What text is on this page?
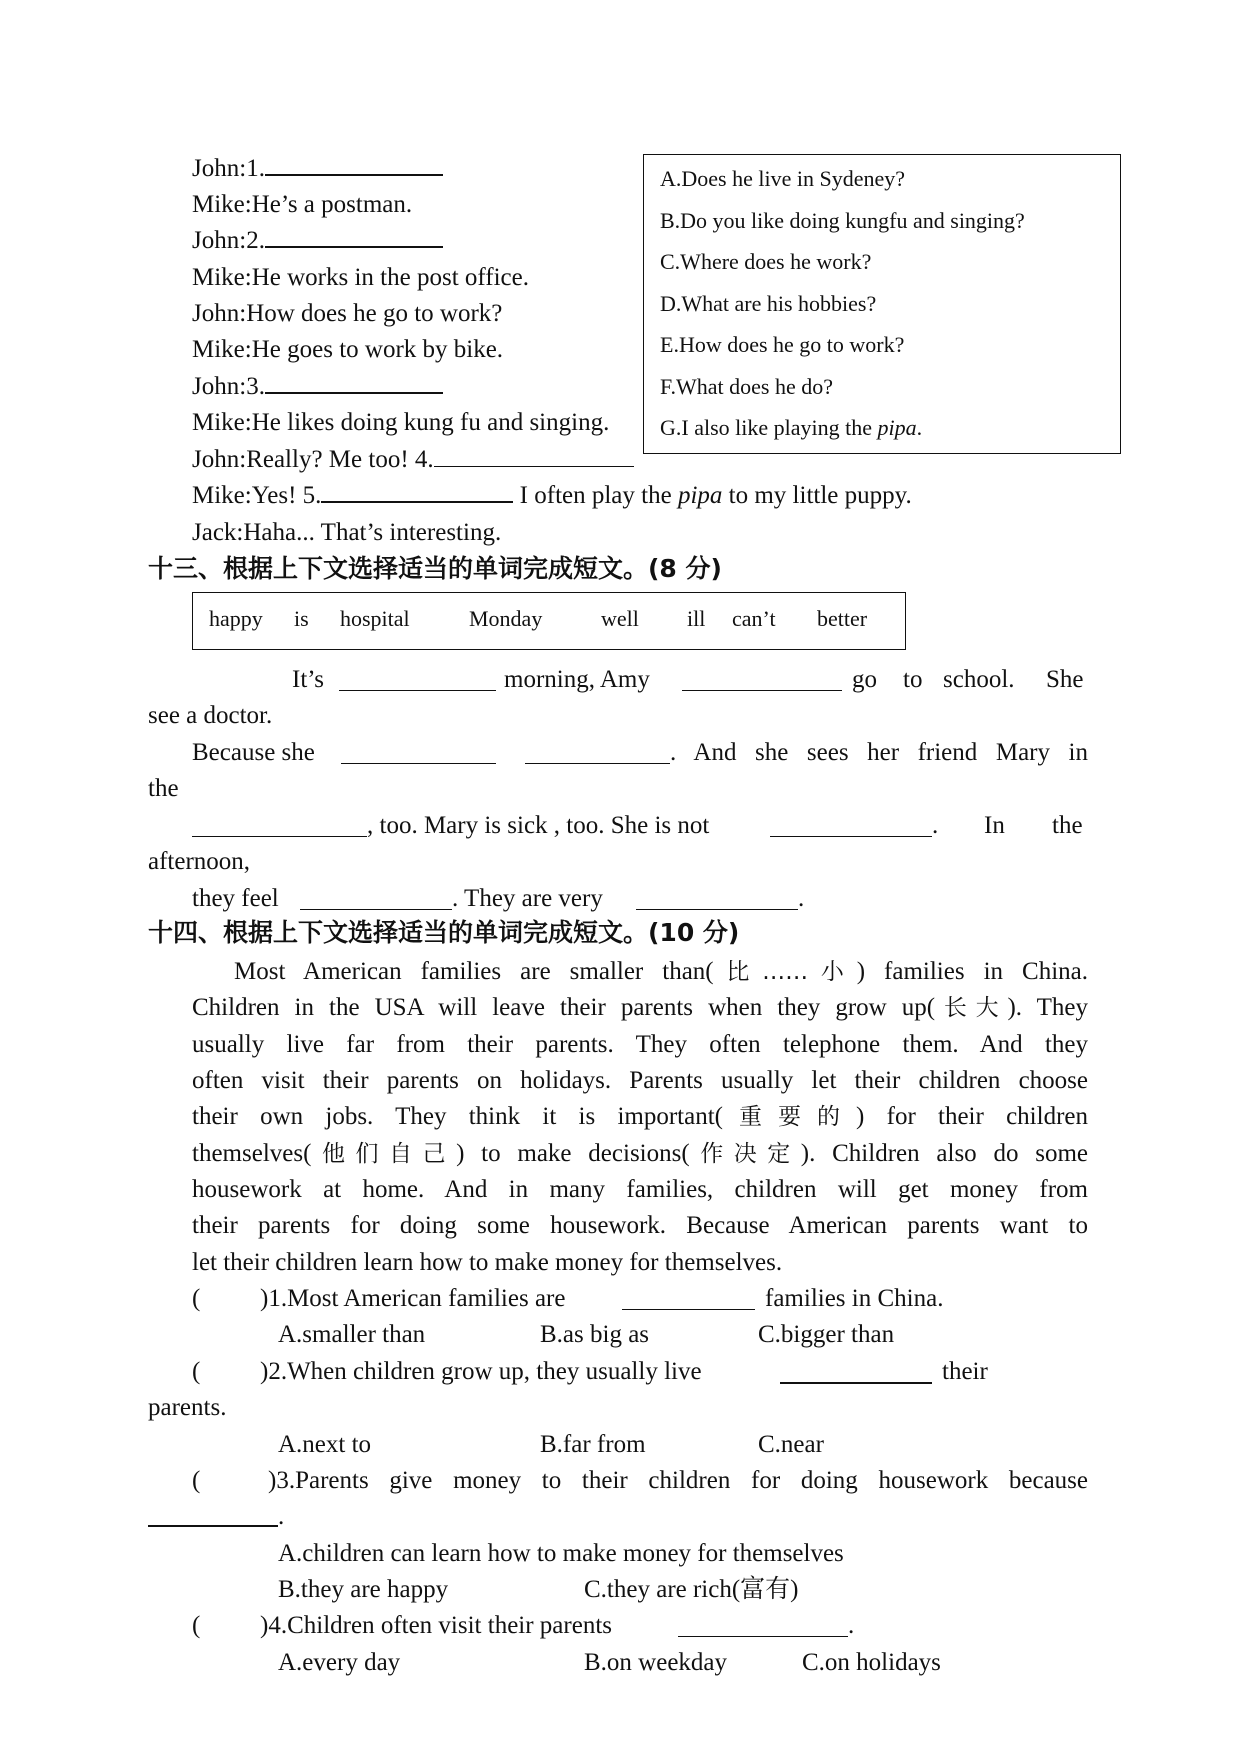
John:1.
Mike:He’s a postman.
John:2.
Mike:He works in the post office.
John:How does he go to work?
Mike:He goes to work by bike.
John:3.
Mike:He likes doing kung fu and singing.
John:Really? Me too! 4.
Mike:Yes! 5.	I often play the pipa to my little puppy.
Jack:Haha... That’s interesting.
A.Does he live in Sydeney?
B.Do you like doing kungfu and singing?
C.Where does he work?
D.What are his hobbies?
E.How does he go to work?
F.What does he do?
G.I also like playing the pipa.
十三、根据上下文选择适当的单词完成短文。(8 分)
happy is hospital	Monday	well ill can’t better
It’s	morning, Amy	go to school. She
see a doctor.
Because she	. And she sees her friend Mary in
the
, too. Mary is sick , too. She is not	. In the
afternoon,
they feel	. They are very	.
十四、根据上下文选择适当的单词完成短文。(10 分)
Most American families are smaller than(比……小) families in China.
Children in the USA will leave their parents when they grow up(长大). They
usually live far from their parents. They often telephone them. And they
often visit their parents on holidays. Parents usually let their children choose
their own jobs. They think it is important(重要的) for their children
themselves(他们自己) to make decisions(作决定). Children also do some
housework at home. And in many families, children will get money from
their parents for doing some housework. Because American parents want to
let their children learn how to make money for themselves.
( )1.Most American families are	families in China.
A.smaller than	B.as big as	C.bigger than
( )2.When children grow up, they usually live	their
parents.
A.next to	B.far from	C.near
(	)3.Parents give money to their children for doing housework because
.
A.children can learn how to make money for themselves
B.they are happy	C.they are rich(富有)
( )4.Children often visit their parents	.
A.every day	B.on weekday	C.on holidays
